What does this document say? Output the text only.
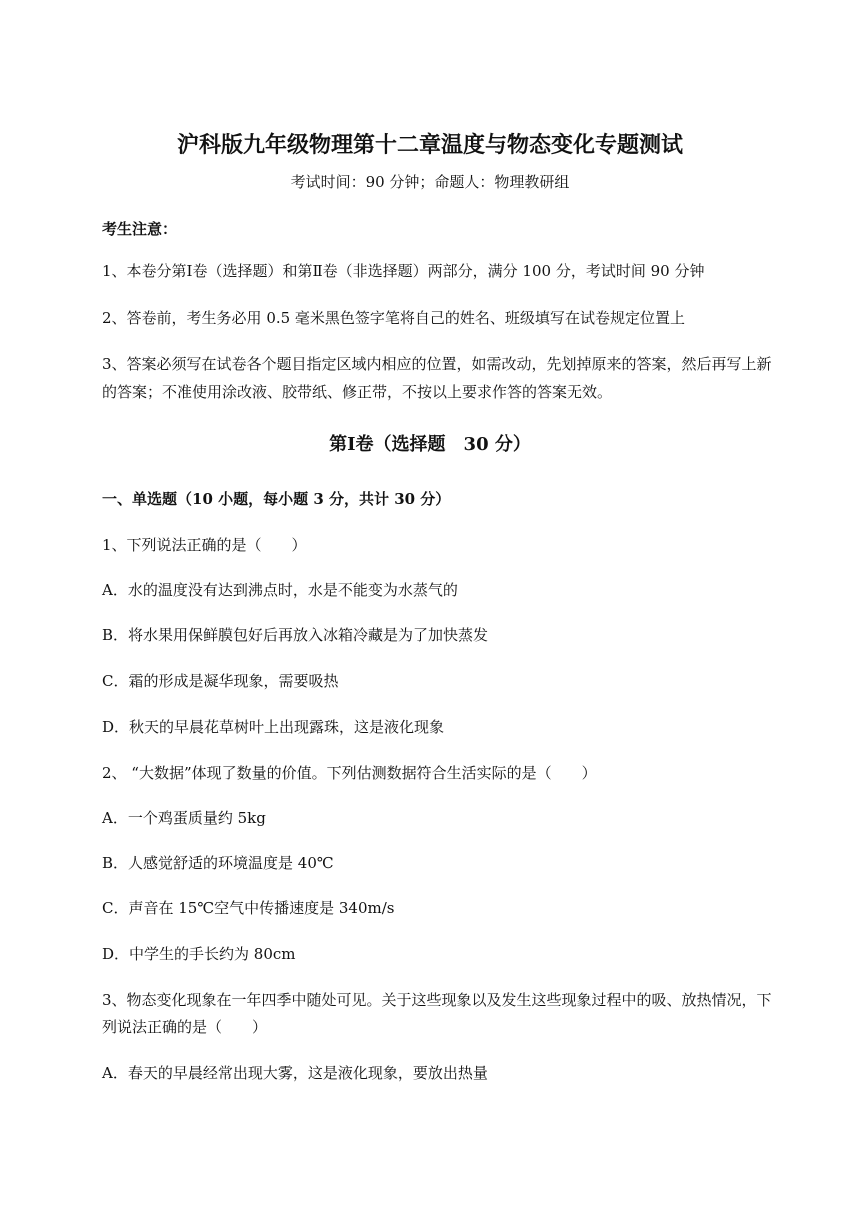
沪科版九年级物理第十二章温度与物态变化专题测试
考试时间：90 分钟；命题人：物理教研组
考生注意：
1、本卷分第Ⅰ卷（选择题）和第Ⅱ卷（非选择题）两部分，满分 100 分，考试时间 90 分钟
2、答卷前，考生务必用 0.5 毫米黑色签字笔将自己的姓名、班级填写在试卷规定位置上
3、答案必须写在试卷各个题目指定区域内相应的位置，如需改动，先划掉原来的答案，然后再写上新
的答案；不准使用涂改液、胶带纸、修正带，不按以上要求作答的答案无效。
第Ⅰ卷（选择题　30 分）
一、单选题（10 小题，每小题 3 分，共计 30 分）
1、下列说法正确的是（　　）
A．水的温度没有达到沸点时，水是不能变为水蒸气的
B．将水果用保鲜膜包好后再放入冰箱冷藏是为了加快蒸发
C．霜的形成是凝华现象，需要吸热
D．秋天的早晨花草树叶上出现露珠，这是液化现象
2、 “大数据”体现了数量的价值。下列估测数据符合生活实际的是（　　）
A．一个鸡蛋质量约 5kg
B．人感觉舒适的环境温度是 40℃
C．声音在 15℃空气中传播速度是 340m/s
D．中学生的手长约为 80cm
3、物态变化现象在一年四季中随处可见。关于这些现象以及发生这些现象过程中的吸、放热情况，下
列说法正确的是（　　）
A．春天的早晨经常出现大雾，这是液化现象，要放出热量
